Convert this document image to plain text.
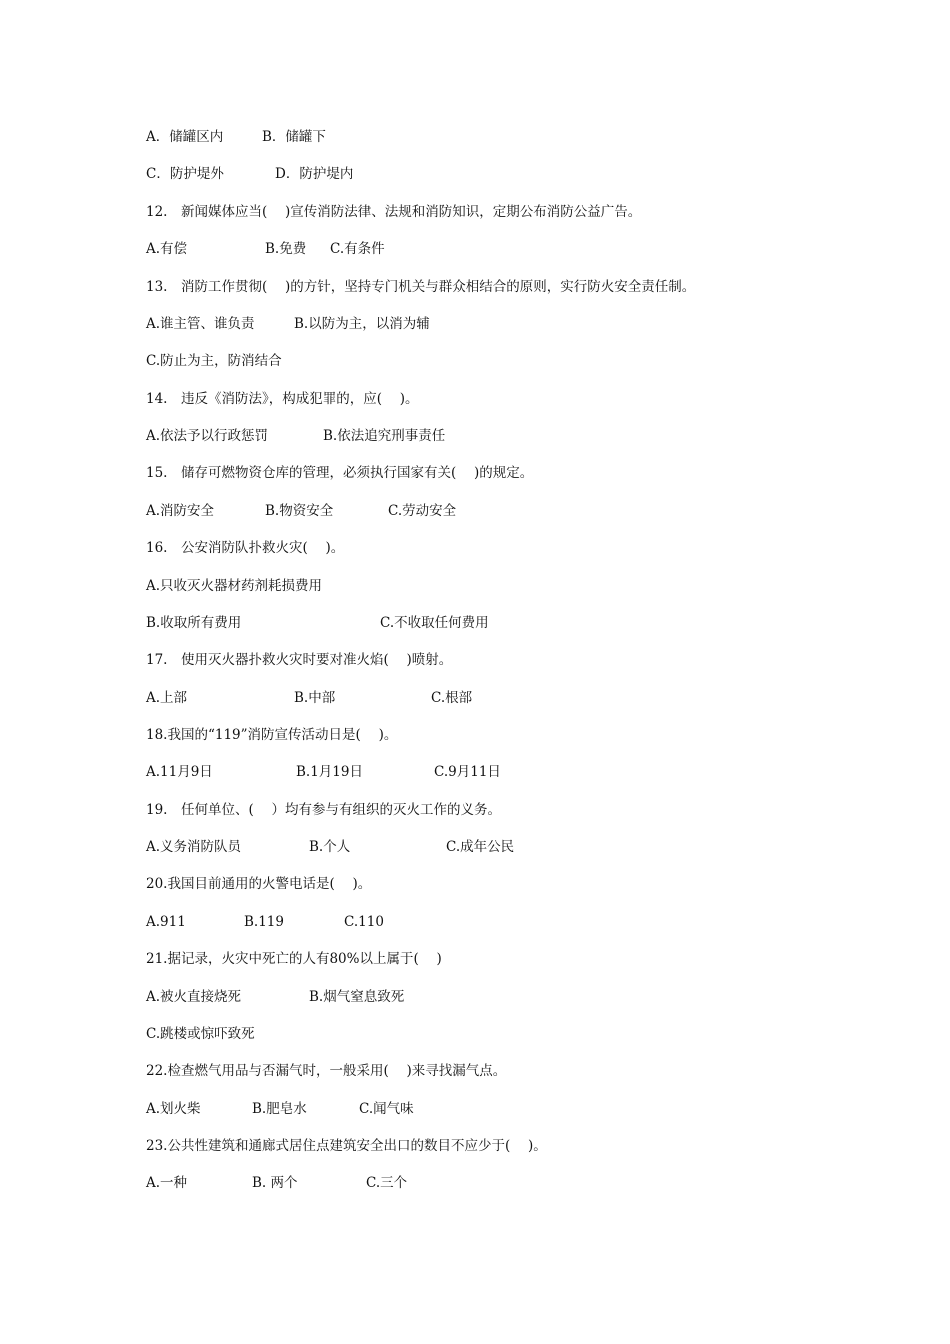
A．储罐区内	B．储罐下
C．防护堤外	D．防护堤内
12.　新闻媒体应当(　 )宣传消防法律、法规和消防知识，定期公布消防公益广告。
A.有偿	B.免费 C.有条件
13.　消防工作贯彻(　 )的方针，坚持专门机关与群众相结合的原则，实行防火安全责任制。
A.谁主管、谁负责	B.以防为主，以消为辅
C.防止为主，防消结合
14.　违反《消防法》，构成犯罪的，应(　 )。
A.依法予以行政惩罚	B.依法追究刑事责任
15.　储存可燃物资仓库的管理，必须执行国家有关(　 )的规定。
A.消防安全	B.物资安全	C.劳动安全
16.　公安消防队扑救火灾(　 )。
A.只收灭火器材药剂耗损费用
B.收取所有费用	C.不收取任何费用
17.　使用灭火器扑救火灾时要对准火焰(　 )喷射。
A.上部	B.中部	C.根部
18.我国的“119”消防宣传活动日是(　 )。
A.11月9日	B.1月19日	C.9月11日
19.　任何单位、(　 ）均有参与有组织的灭火工作的义务。
A.义务消防队员	B.个人	C.成年公民
20.我国目前通用的火警电话是(　 )。
A.911	B.119	C.110
21.据记录，火灾中死亡的人有80%以上属于(　 )
A.被火直接烧死	B.烟气窒息致死
C.跳楼或惊吓致死
22.检查燃气用品与否漏气时，一般采用(　 )来寻找漏气点。
A.划火柴	B.肥皂水	C.闻气味
23.公共性建筑和通廊式居住点建筑安全出口的数目不应少于(　 )。
A.一种	B. 两个	C.三个
